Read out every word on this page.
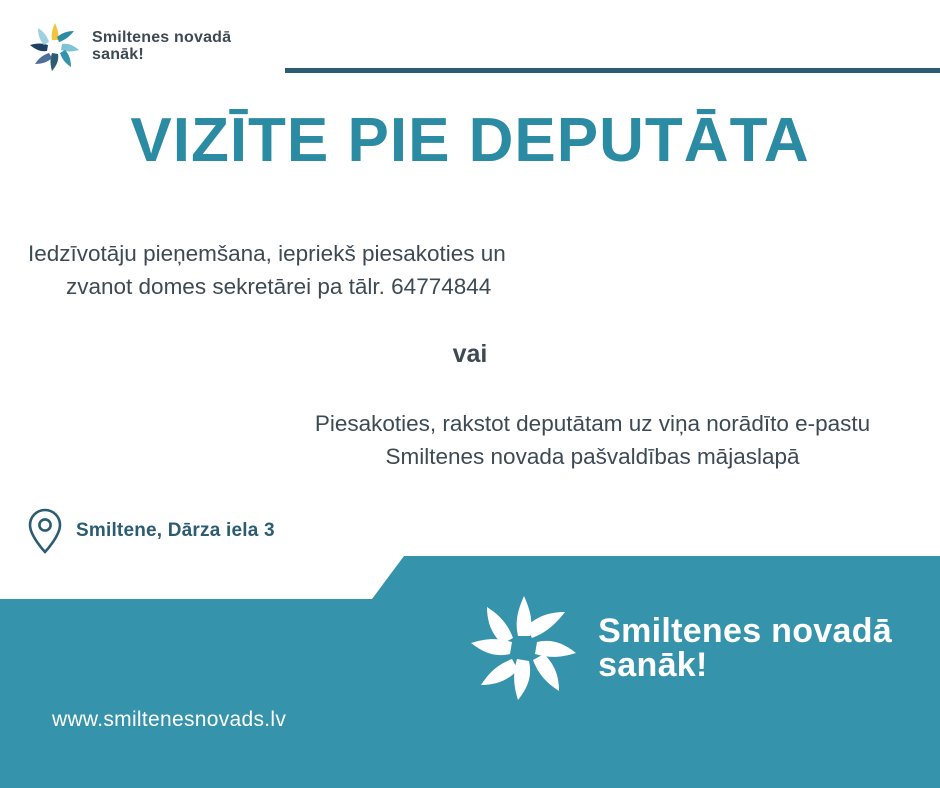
Smiltenes novadā
sanāk!
VIZĪTE PIE DEPUTĀTA
Iedzīvotāju pieņemšana, iepriekš piesakoties un
zvanot domes sekretārei pa tālr. 64774844
vai
Piesakoties, rakstot deputātam uz viņa norādīto e-pastu Smiltenes novada pašvaldības mājaslapā
Smiltene, Dārza iela 3
www.smiltenesnovads.lv
Smiltenes novadā
sanāk!
